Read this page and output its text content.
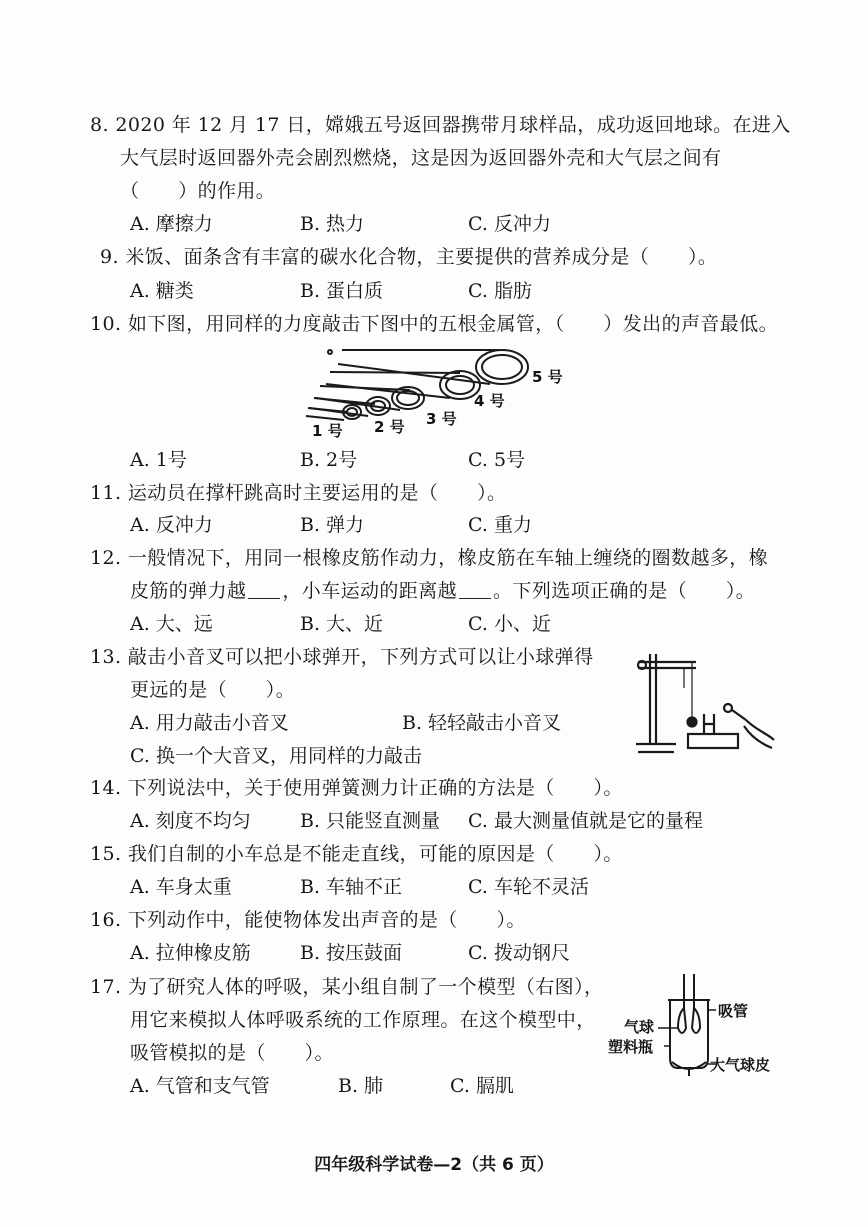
8. 2020 年 12 月 17 日，嫦娥五号返回器携带月球样品，成功返回地球。在进入
大气层时返回器外壳会剧烈燃烧，这是因为返回器外壳和大气层之间有
（　　）的作用。
A. 摩擦力	B. 热力	C. 反冲力
9. 米饭、面条含有丰富的碳水化合物，主要提供的营养成分是（　　）。
A. 糖类	B. 蛋白质	C. 脂肪
10. 如下图，用同样的力度敲击下图中的五根金属管，（　　）发出的声音最低。
1 号 2 号 3 号
4 号
5 号
A. 1号	B. 2号	C. 5号
11. 运动员在撑杆跳高时主要运用的是（　　）。
A. 反冲力	B. 弹力	C. 重力
12. 一般情况下，用同一根橡皮筋作动力，橡皮筋在车轴上缠绕的圈数越多，橡
皮筋的弹力越 ，小车运动的距离越 。下列选项正确的是（　　）。
A. 大、远	B. 大、近	C. 小、近
13. 敲击小音叉可以把小球弹开，下列方式可以让小球弹得
更远的是（　　）。
A. 用力敲击小音叉	B. 轻轻敲击小音叉
C. 换一个大音叉，用同样的力敲击
14. 下列说法中，关于使用弹簧测力计正确的方法是（　　）。
A. 刻度不均匀	B. 只能竖直测量 C. 最大测量值就是它的量程
15. 我们自制的小车总是不能走直线，可能的原因是（　　）。
A. 车身太重	B. 车轴不正	C. 车轮不灵活
16. 下列动作中，能使物体发出声音的是（　　）。
A. 拉伸橡皮筋	B. 按压鼓面	C. 拨动钢尺
17. 为了研究人体的呼吸，某小组自制了一个模型（右图），
用它来模拟人体呼吸系统的工作原理。在这个模型中，
吸管模拟的是（　　）。
A. 气管和支气管	B. 肺	C. 膈肌
吸管
气球
塑料瓶
大气球皮
四年级科学试卷—2（共 6 页）
